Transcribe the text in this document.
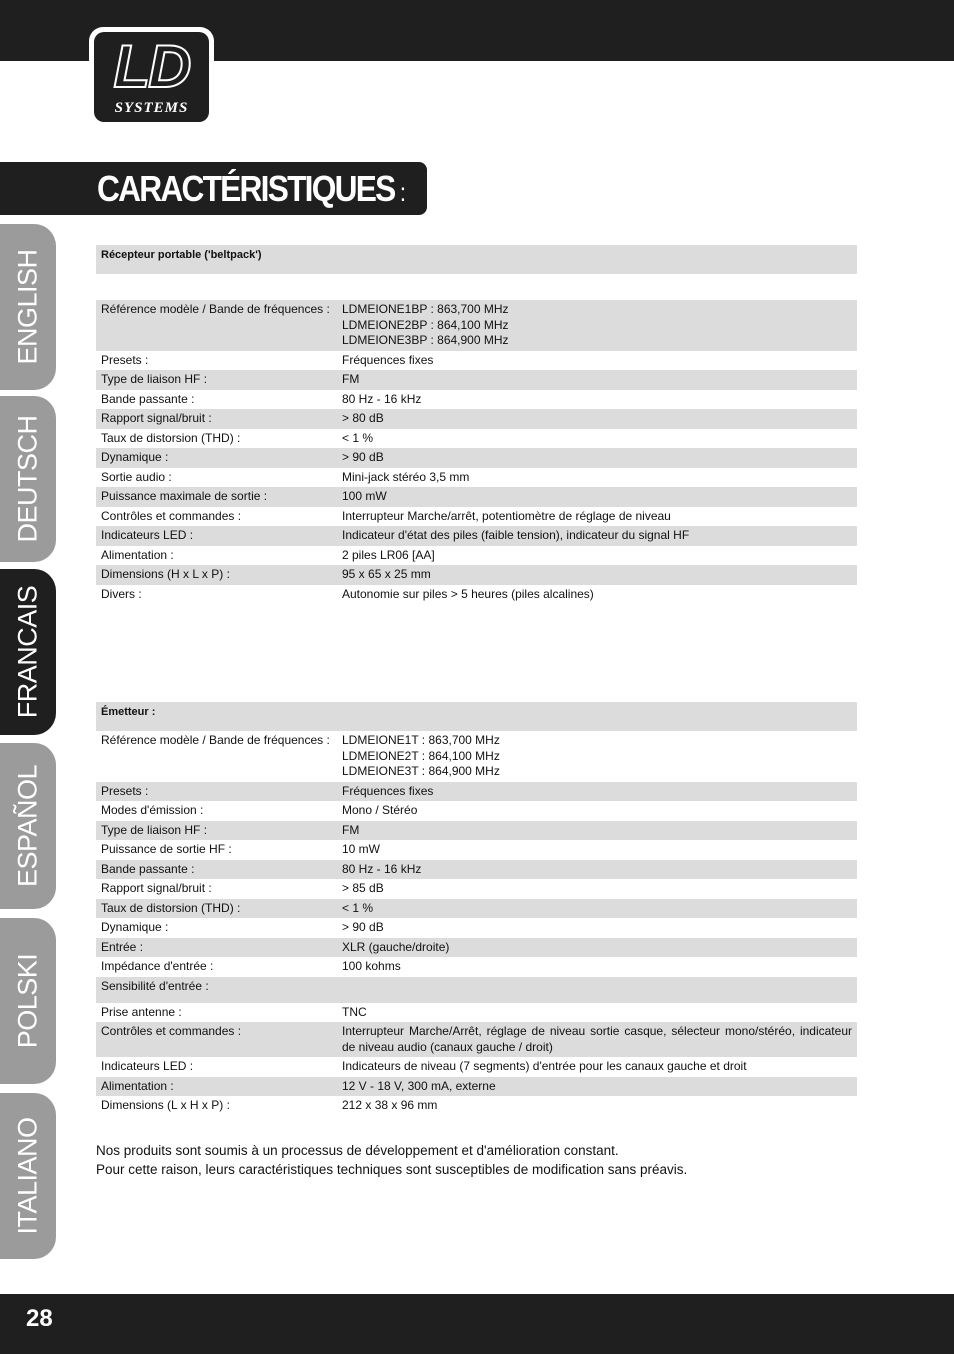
LD
SYSTEMS
CARACTÉRISTIQUES :
ENGLISH
DEUTSCH
FRANCAIS
ESPAÑOL
POLSKI
ITALIANO
Récepteur portable ('beltpack')	

Référence modèle / Bande de fréquences :	LDMEIONE1BP : 863,700 MHz
LDMEIONE2BP : 864,100 MHz
LDMEIONE3BP : 864,900 MHz
Presets :	Fréquences fixes
Type de liaison HF :	FM
Bande passante :	80 Hz - 16 kHz
Rapport signal/bruit :	> 80 dB
Taux de distorsion (THD) :	< 1 %
Dynamique :	> 90 dB
Sortie audio :	Mini-jack stéréo 3,5 mm
Puissance maximale de sortie :	100 mW
Contrôles et commandes :	Interrupteur Marche/arrêt, potentiomètre de réglage de niveau
Indicateurs LED :	Indicateur d'état des piles (faible tension), indicateur du signal HF
Alimentation :	2 piles LR06 [AA]
Dimensions (H x L x P) :	95 x 65 x 25 mm
Divers :	Autonomie sur piles > 5 heures (piles alcalines)
Émetteur :	
Référence modèle / Bande de fréquences :	LDMEIONE1T : 863,700 MHz
LDMEIONE2T : 864,100 MHz
LDMEIONE3T : 864,900 MHz
Presets :	Fréquences fixes
Modes d'émission :	Mono / Stéréo
Type de liaison HF :	FM
Puissance de sortie HF :	10 mW
Bande passante :	80 Hz - 16 kHz
Rapport signal/bruit :	> 85 dB
Taux de distorsion (THD) :	< 1 %
Dynamique :	> 90 dB
Entrée :	XLR (gauche/droite)
Impédance d'entrée :	100 kohms
Sensibilité d'entrée :	
Prise antenne :	TNC
Contrôles et commandes :	Interrupteur Marche/Arrêt, réglage de niveau sortie casque, sélecteur mono/stéréo, indicateur de niveau audio (canaux gauche / droit)
Indicateurs LED :	Indicateurs de niveau (7 segments) d'entrée pour les canaux gauche et droit
Alimentation :	12 V - 18 V, 300 mA, externe
Dimensions (L x H x P) :	212 x 38 x 96 mm
Nos produits sont soumis à un processus de développement et d'amélioration constant.
Pour cette raison, leurs caractéristiques techniques sont susceptibles de modification sans préavis.
28
